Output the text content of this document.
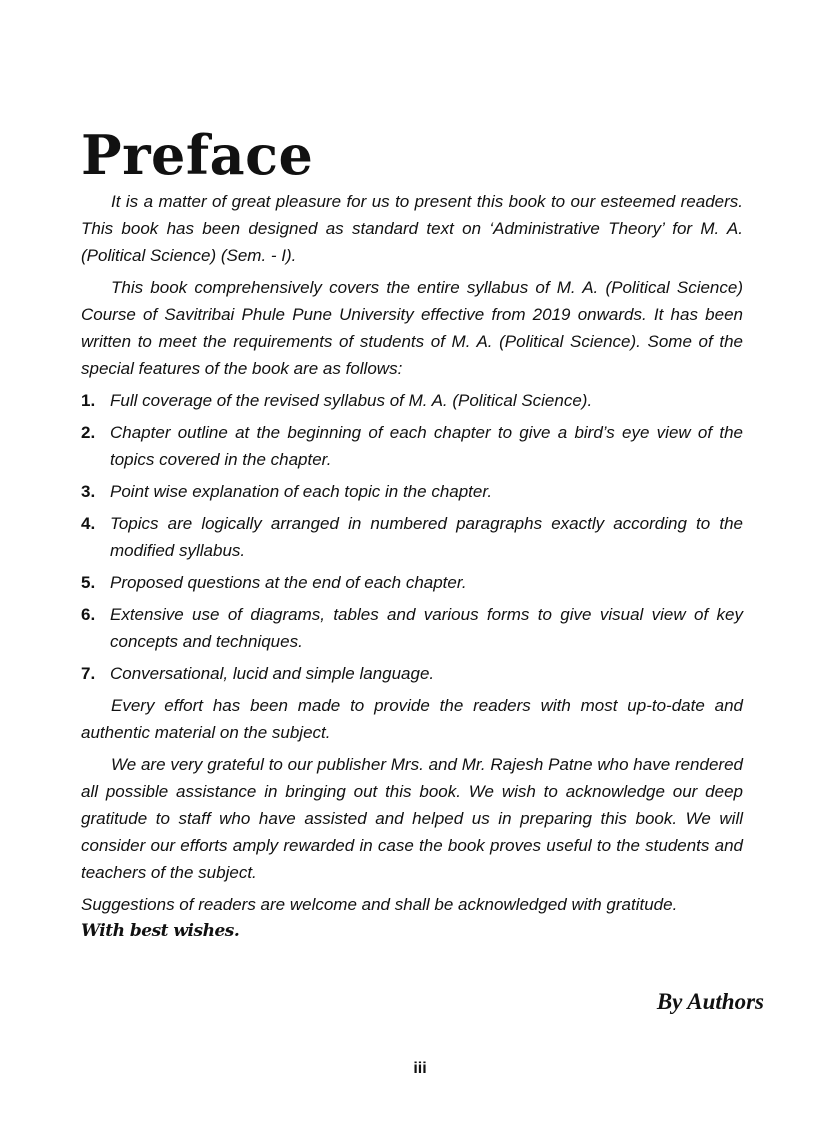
Preface

It is a matter of great pleasure for us to present this book to our esteemed readers. This book has been designed as standard text on ‘Administrative Theory’ for M. A. (Political Science) (Sem. - I).

This book comprehensively covers the entire syllabus of M. A. (Political Science) Course of Savitribai Phule Pune University effective from 2019 onwards. It has been written to meet the requirements of students of M. A. (Political Science). Some of the special features of the book are as follows:

1. Full coverage of the revised syllabus of M. A. (Political Science).
2. Chapter outline at the beginning of each chapter to give a bird’s eye view of the topics covered in the chapter.
3. Point wise explanation of each topic in the chapter.
4. Topics are logically arranged in numbered paragraphs exactly according to the modified syllabus.
5. Proposed questions at the end of each chapter.
6. Extensive use of diagrams, tables and various forms to give visual view of key concepts and techniques.
7. Conversational, lucid and simple language.

Every effort has been made to provide the readers with most up-to-date and authentic material on the subject.

We are very grateful to our publisher Mrs. and Mr. Rajesh Patne who have rendered all possible assistance in bringing out this book. We wish to acknowledge our deep gratitude to staff who have assisted and helped us in preparing this book. We will consider our efforts amply rewarded in case the book proves useful to the students and teachers of the subject.

Suggestions of readers are welcome and shall be acknowledged with gratitude.

With best wishes.
By Authors
iii
